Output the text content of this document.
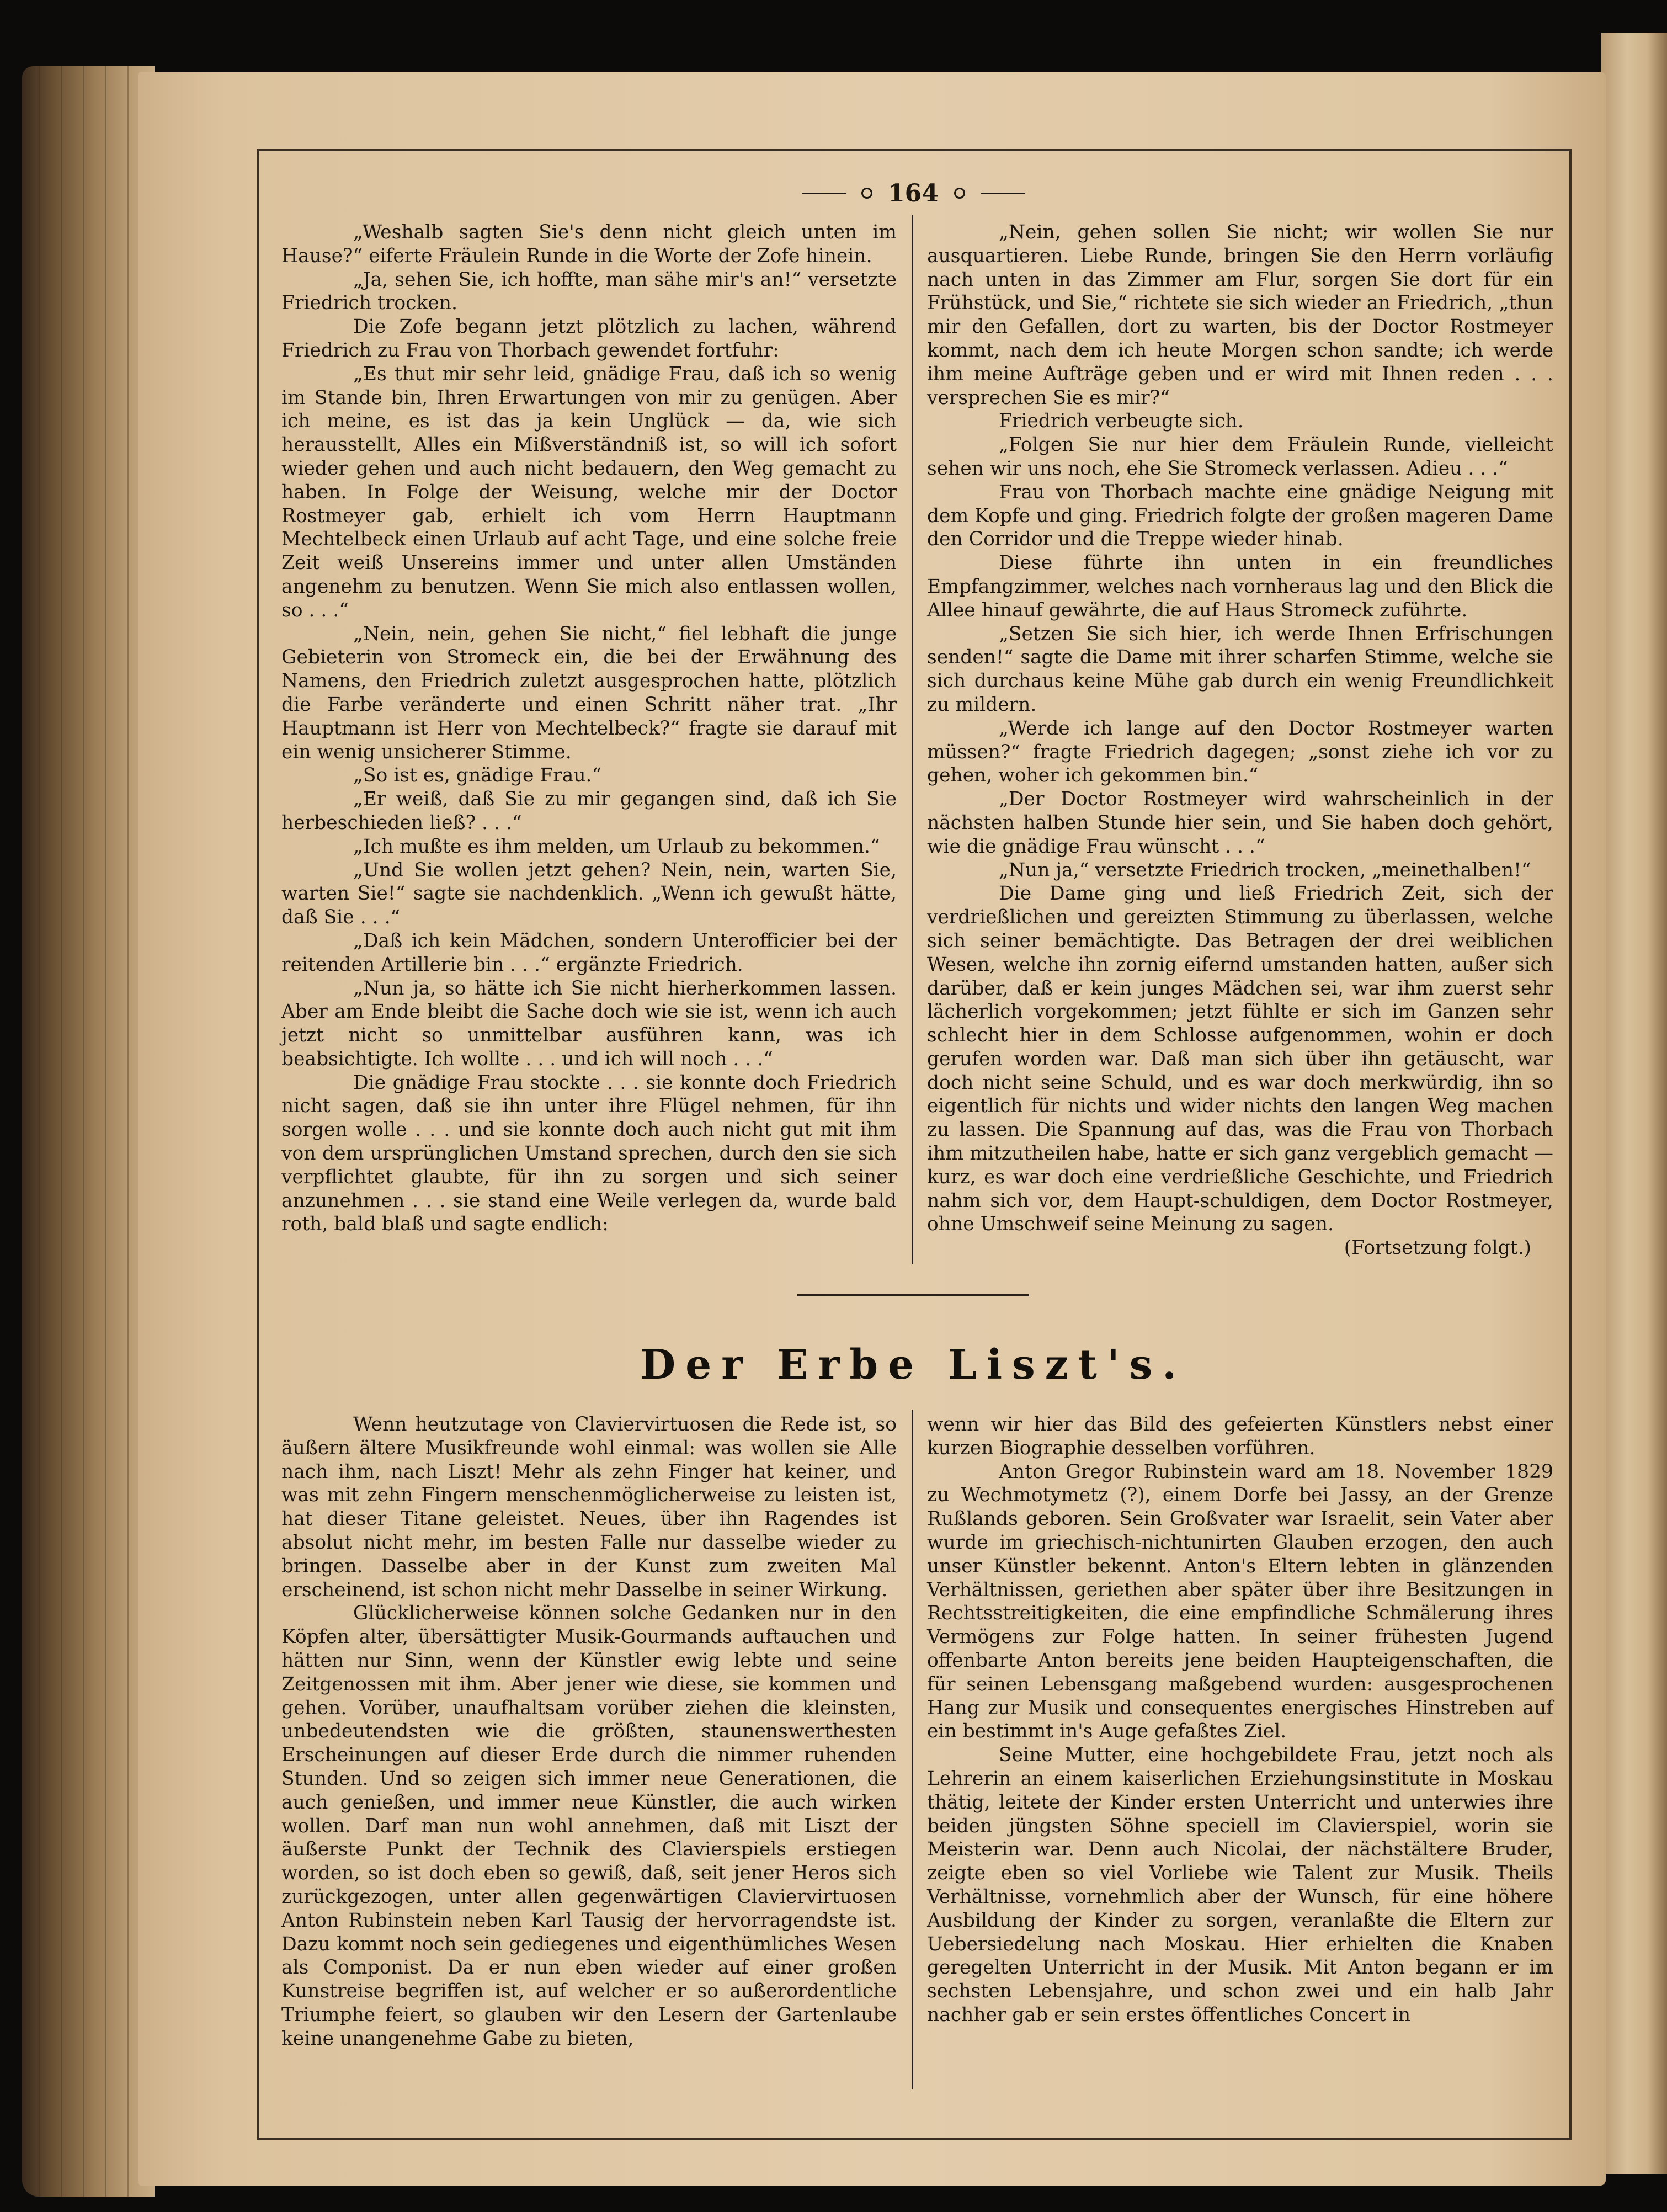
164

„Weshalb sagten Sie's denn nicht gleich unten im Hause?“ eiferte Fräulein Runde in die Worte der Zofe hinein.

„Ja, sehen Sie, ich hoffte, man sähe mir's an!“ versetzte Friedrich trocken.

Die Zofe begann jetzt plötzlich zu lachen, während Friedrich zu Frau von Thorbach gewendet fortfuhr:

„Es thut mir sehr leid, gnädige Frau, daß ich so wenig im Stande bin, Ihren Erwartungen von mir zu genügen. Aber ich meine, es ist das ja kein Unglück — da, wie sich herausstellt, Alles ein Mißverständniß ist, so will ich sofort wieder gehen und auch nicht bedauern, den Weg gemacht zu haben. In Folge der Weisung, welche mir der Doctor Rostmeyer gab, erhielt ich vom Herrn Hauptmann Mechtelbeck einen Urlaub auf acht Tage, und eine solche freie Zeit weiß Unsereins immer und unter allen Umständen angenehm zu benutzen. Wenn Sie mich also entlassen wollen, so . . .“

„Nein, nein, gehen Sie nicht,“ fiel lebhaft die junge Gebieterin von Stromeck ein, die bei der Erwähnung des Namens, den Friedrich zuletzt ausgesprochen hatte, plötzlich die Farbe veränderte und einen Schritt näher trat. „Ihr Hauptmann ist Herr von Mechtelbeck?“ fragte sie darauf mit ein wenig unsicherer Stimme.

„So ist es, gnädige Frau.“

„Er weiß, daß Sie zu mir gegangen sind, daß ich Sie herbeschieden ließ? . . .“

„Ich mußte es ihm melden, um Urlaub zu bekommen.“

„Und Sie wollen jetzt gehen? Nein, nein, warten Sie, warten Sie!“ sagte sie nachdenklich. „Wenn ich gewußt hätte, daß Sie . . .“

„Daß ich kein Mädchen, sondern Unterofficier bei der reitenden Artillerie bin . . .“ ergänzte Friedrich.

„Nun ja, so hätte ich Sie nicht hierherkommen lassen. Aber am Ende bleibt die Sache doch wie sie ist, wenn ich auch jetzt nicht so unmittelbar ausführen kann, was ich beabsichtigte. Ich wollte . . . und ich will noch . . .“

Die gnädige Frau stockte . . . sie konnte doch Friedrich nicht sagen, daß sie ihn unter ihre Flügel nehmen, für ihn sorgen wolle . . . und sie konnte doch auch nicht gut mit ihm von dem ursprünglichen Umstand sprechen, durch den sie sich verpflichtet glaubte, für ihn zu sorgen und sich seiner anzunehmen . . . sie stand eine Weile verlegen da, wurde bald roth, bald blaß und sagte endlich:

„Nein, gehen sollen Sie nicht; wir wollen Sie nur ausquartieren. Liebe Runde, bringen Sie den Herrn vorläufig nach unten in das Zimmer am Flur, sorgen Sie dort für ein Frühstück, und Sie,“ richtete sie sich wieder an Friedrich, „thun mir den Gefallen, dort zu warten, bis der Doctor Rostmeyer kommt, nach dem ich heute Morgen schon sandte; ich werde ihm meine Aufträge geben und er wird mit Ihnen reden . . . versprechen Sie es mir?“

Friedrich verbeugte sich.

„Folgen Sie nur hier dem Fräulein Runde, vielleicht sehen wir uns noch, ehe Sie Stromeck verlassen. Adieu . . .“

Frau von Thorbach machte eine gnädige Neigung mit dem Kopfe und ging. Friedrich folgte der großen mageren Dame den Corridor und die Treppe wieder hinab.

Diese führte ihn unten in ein freundliches Empfangzimmer, welches nach vornheraus lag und den Blick die Allee hinauf gewährte, die auf Haus Stromeck zuführte.

„Setzen Sie sich hier, ich werde Ihnen Erfrischungen senden!“ sagte die Dame mit ihrer scharfen Stimme, welche sie sich durchaus keine Mühe gab durch ein wenig Freundlichkeit zu mildern.

„Werde ich lange auf den Doctor Rostmeyer warten müssen?“ fragte Friedrich dagegen; „sonst ziehe ich vor zu gehen, woher ich gekommen bin.“

„Der Doctor Rostmeyer wird wahrscheinlich in der nächsten halben Stunde hier sein, und Sie haben doch gehört, wie die gnädige Frau wünscht . . .“

„Nun ja,“ versetzte Friedrich trocken, „meinethalben!“

Die Dame ging und ließ Friedrich Zeit, sich der verdrießlichen und gereizten Stimmung zu überlassen, welche sich seiner bemächtigte. Das Betragen der drei weiblichen Wesen, welche ihn zornig eifernd umstanden hatten, außer sich darüber, daß er kein junges Mädchen sei, war ihm zuerst sehr lächerlich vorgekommen; jetzt fühlte er sich im Ganzen sehr schlecht hier in dem Schlosse aufgenommen, wohin er doch gerufen worden war. Daß man sich über ihn getäuscht, war doch nicht seine Schuld, und es war doch merkwürdig, ihn so eigentlich für nichts und wider nichts den langen Weg machen zu lassen. Die Spannung auf das, was die Frau von Thorbach ihm mitzutheilen habe, hatte er sich ganz vergeblich gemacht — kurz, es war doch eine verdrießliche Geschichte, und Friedrich nahm sich vor, dem Haupt-schuldigen, dem Doctor Rostmeyer, ohne Umschweif seine Meinung zu sagen.

(Fortsetzung folgt.)
Der Erbe Liszt's.

Wenn heutzutage von Claviervirtuosen die Rede ist, so äußern ältere Musikfreunde wohl einmal: was wollen sie Alle nach ihm, nach Liszt! Mehr als zehn Finger hat keiner, und was mit zehn Fingern menschenmöglicherweise zu leisten ist, hat dieser Titane geleistet. Neues, über ihn Ragendes ist absolut nicht mehr, im besten Falle nur dasselbe wieder zu bringen. Dasselbe aber in der Kunst zum zweiten Mal erscheinend, ist schon nicht mehr Dasselbe in seiner Wirkung.

Glücklicherweise können solche Gedanken nur in den Köpfen alter, übersättigter Musik-Gourmands auftauchen und hätten nur Sinn, wenn der Künstler ewig lebte und seine Zeitgenossen mit ihm. Aber jener wie diese, sie kommen und gehen. Vorüber, unaufhaltsam vorüber ziehen die kleinsten, unbedeutendsten wie die größten, staunenswerthesten Erscheinungen auf dieser Erde durch die nimmer ruhenden Stunden. Und so zeigen sich immer neue Generationen, die auch genießen, und immer neue Künstler, die auch wirken wollen. Darf man nun wohl annehmen, daß mit Liszt der äußerste Punkt der Technik des Clavierspiels erstiegen worden, so ist doch eben so gewiß, daß, seit jener Heros sich zurückgezogen, unter allen gegenwärtigen Claviervirtuosen Anton Rubinstein neben Karl Tausig der hervorragendste ist. Dazu kommt noch sein gediegenes und eigenthümliches Wesen als Componist. Da er nun eben wieder auf einer großen Kunstreise begriffen ist, auf welcher er so außerordentliche Triumphe feiert, so glauben wir den Lesern der Gartenlaube keine unangenehme Gabe zu bieten,

wenn wir hier das Bild des gefeierten Künstlers nebst einer kurzen Biographie desselben vorführen.

Anton Gregor Rubinstein ward am 18. November 1829 zu Wechmotymetz (?), einem Dorfe bei Jassy, an der Grenze Rußlands geboren. Sein Großvater war Israelit, sein Vater aber wurde im griechisch-nichtunirten Glauben erzogen, den auch unser Künstler bekennt. Anton's Eltern lebten in glänzenden Verhältnissen, geriethen aber später über ihre Besitzungen in Rechtsstreitigkeiten, die eine empfindliche Schmälerung ihres Vermögens zur Folge hatten. In seiner frühesten Jugend offenbarte Anton bereits jene beiden Haupteigenschaften, die für seinen Lebensgang maßgebend wurden: ausgesprochenen Hang zur Musik und consequentes energisches Hinstreben auf ein bestimmt in's Auge gefaßtes Ziel.

Seine Mutter, eine hochgebildete Frau, jetzt noch als Lehrerin an einem kaiserlichen Erziehungsinstitute in Moskau thätig, leitete der Kinder ersten Unterricht und unterwies ihre beiden jüngsten Söhne speciell im Clavierspiel, worin sie Meisterin war. Denn auch Nicolai, der nächstältere Bruder, zeigte eben so viel Vorliebe wie Talent zur Musik. Theils Verhältnisse, vornehmlich aber der Wunsch, für eine höhere Ausbildung der Kinder zu sorgen, veranlaßte die Eltern zur Uebersiedelung nach Moskau. Hier erhielten die Knaben geregelten Unterricht in der Musik. Mit Anton begann er im sechsten Lebensjahre, und schon zwei und ein halb Jahr nachher gab er sein erstes öffentliches Concert in
